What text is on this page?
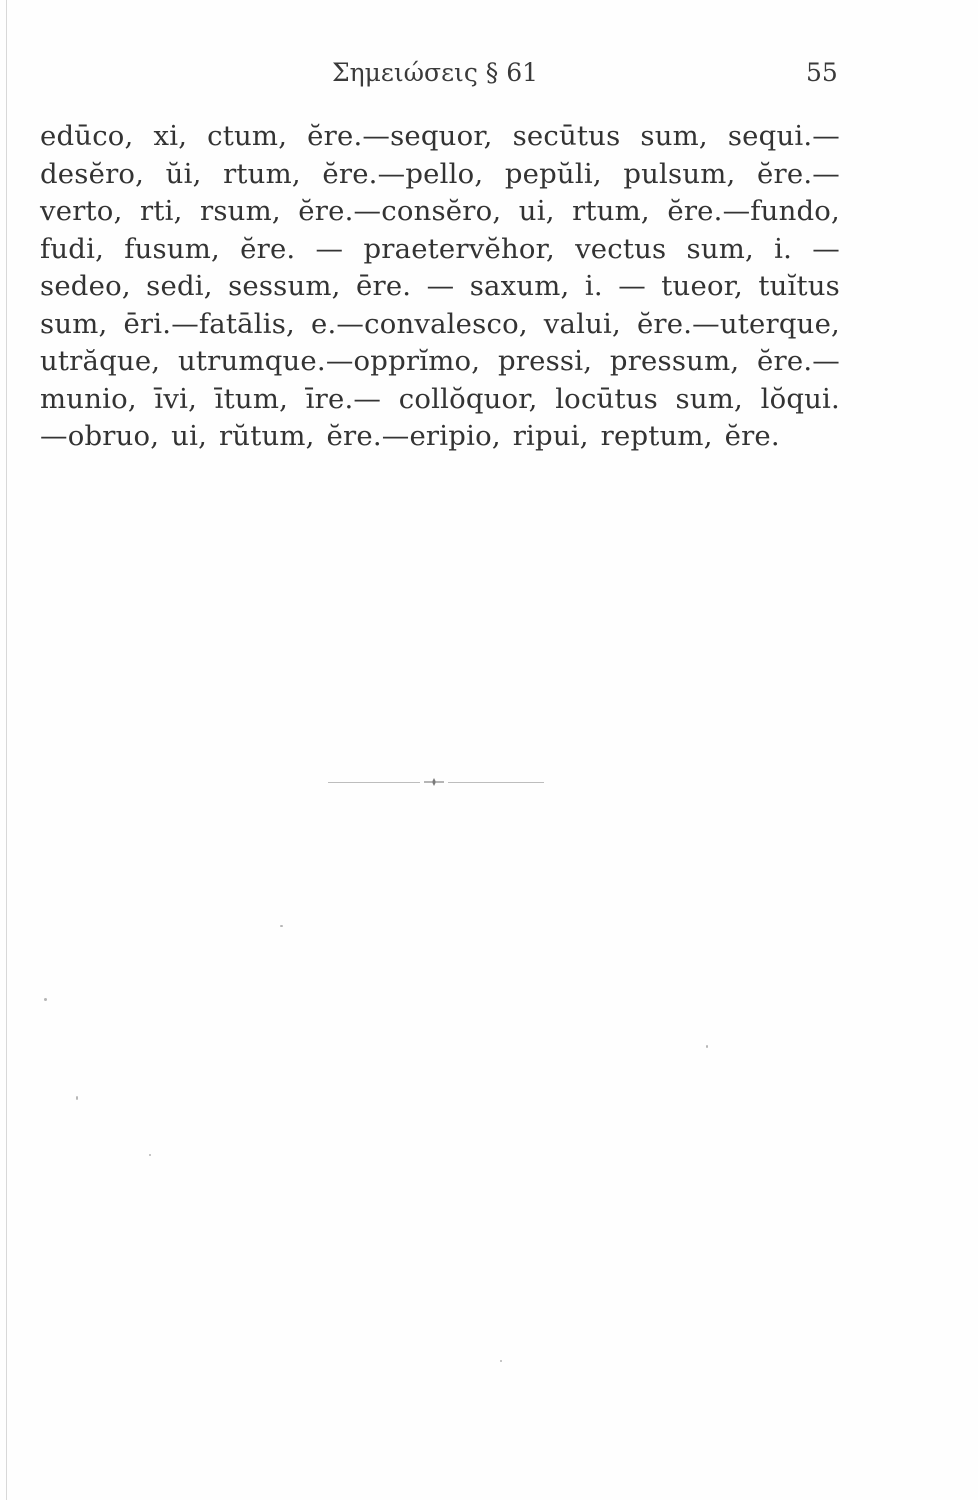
Σημειώσεις § 61	55
edūco, xi, ctum, ĕre.—sequor, secūtus sum, sequi.—
desĕro, ŭi, rtum, ĕre.—pello, pepŭli, pulsum, ĕre.—
verto, rti, rsum, ĕre.—consĕro, ui, rtum, ĕre.—fundo,
fudi, fusum, ĕre. — praetervĕhor, vectus sum, i. —
sedeo, sedi, sessum, ēre. — saxum, i. — tueor, tuĭtus
sum, ēri.—fatālis, e.—convalesco, valui, ĕre.—uterque,
utrăque, utrumque.—opprĭmo, pressi, pressum, ĕre.—
munio, īvi, ītum, īre.— collŏquor, locūtus sum, lŏqui.
—obruo, ui, rŭtum, ĕre.—eripio, ripui, reptum, ĕre.
